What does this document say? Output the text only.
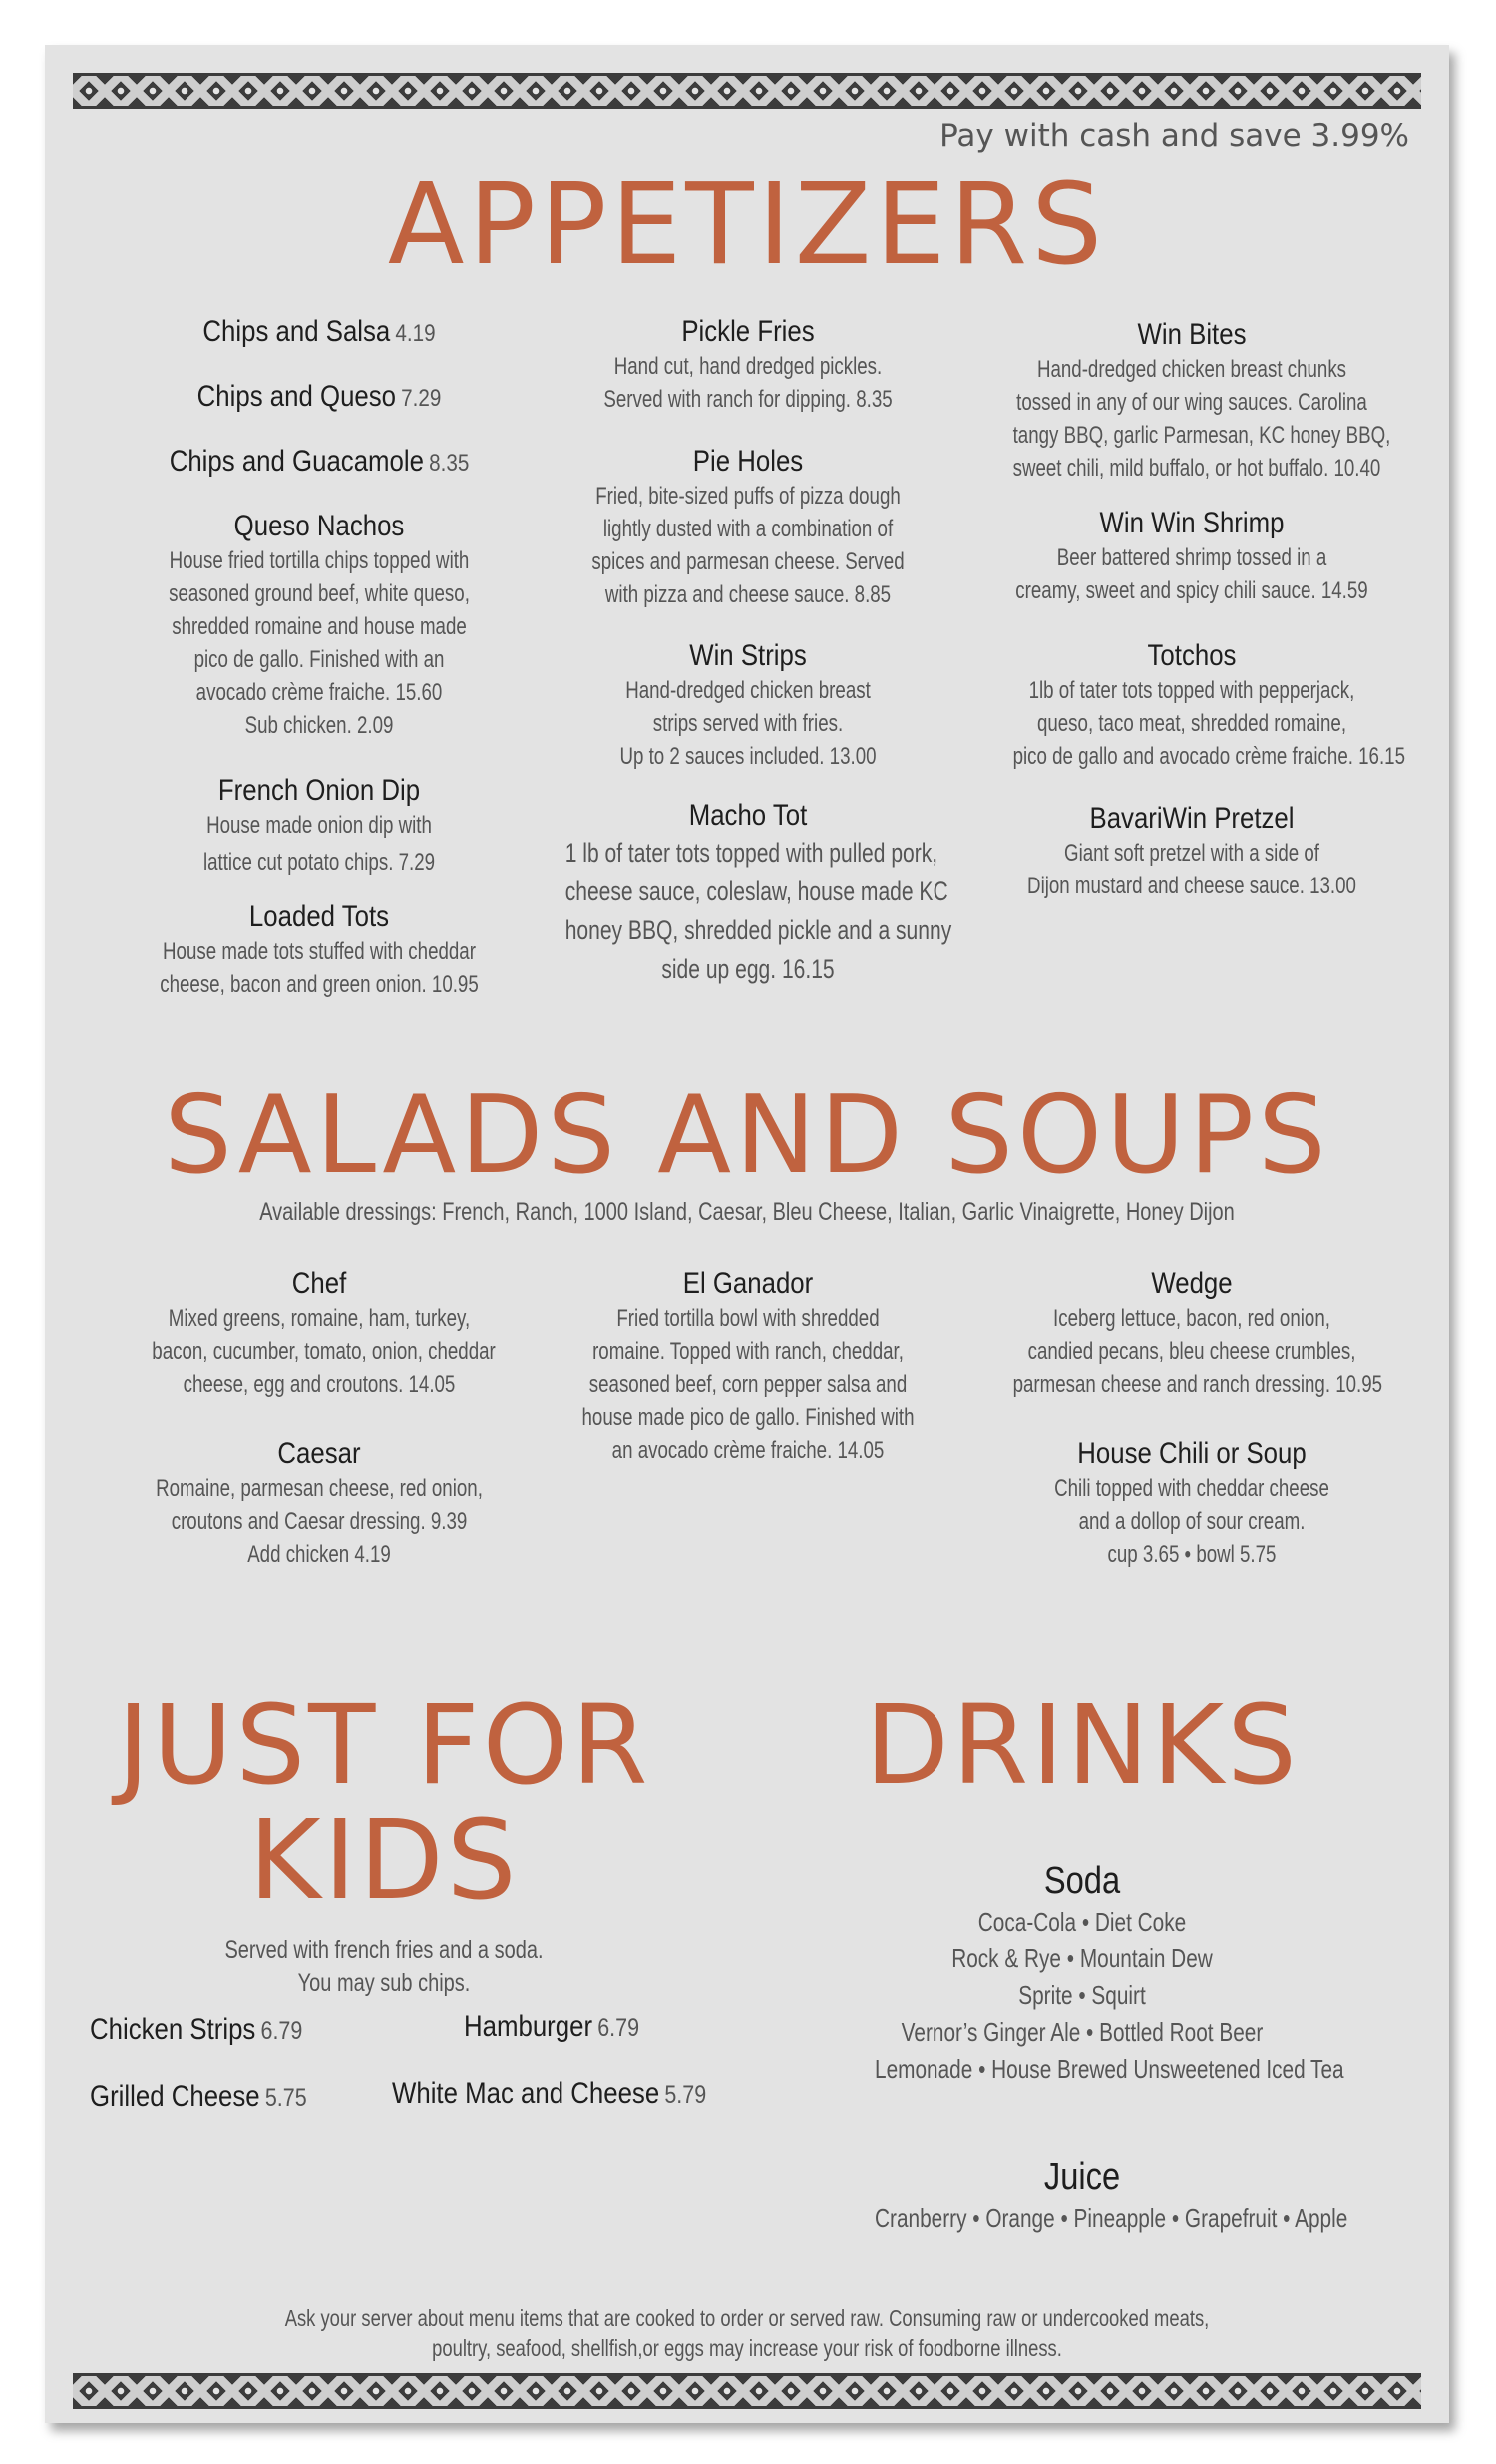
Pay with cash and save 3.99%
APPETIZERS
Chips and Salsa 4.19
Chips and Queso 7.29
Chips and Guacamole 8.35
Queso Nachos
House fried tortilla chips topped with
seasoned ground beef, white queso,
shredded romaine and house made
pico de gallo. Finished with an
avocado crème fraiche. 15.60
Sub chicken. 2.09
French Onion Dip
House made onion dip with
lattice cut potato chips. 7.29
Loaded Tots
House made tots stuffed with cheddar
cheese, bacon and green onion. 10.95
Pickle Fries
Hand cut, hand dredged pickles.
Served with ranch for dipping. 8.35
Pie Holes
Fried, bite-sized puffs of pizza dough
lightly dusted with a combination of
spices and parmesan cheese. Served
with pizza and cheese sauce. 8.85
Win Strips
Hand-dredged chicken breast
strips served with fries.
Up to 2 sauces included. 13.00
Macho Tot
1 lb of tater tots topped with pulled pork,
cheese sauce, coleslaw, house made KC
honey BBQ, shredded pickle and a sunny
side up egg. 16.15
Win Bites
Hand-dredged chicken breast chunks
tossed in any of our wing sauces. Carolina
tangy BBQ, garlic Parmesan, KC honey BBQ,
sweet chili, mild buffalo, or hot buffalo. 10.40
Win Win Shrimp
Beer battered shrimp tossed in a
creamy, sweet and spicy chili sauce. 14.59
Totchos
1lb of tater tots topped with pepperjack,
queso, taco meat, shredded romaine,
pico de gallo and avocado crème fraiche. 16.15
BavariWin Pretzel
Giant soft pretzel with a side of
Dijon mustard and cheese sauce. 13.00
SALADS AND SOUPS
Available dressings: French, Ranch, 1000 Island, Caesar, Bleu Cheese, Italian, Garlic Vinaigrette, Honey Dijon
Chef
Mixed greens, romaine, ham, turkey,
bacon, cucumber, tomato, onion, cheddar
cheese, egg and croutons. 14.05
Caesar
Romaine, parmesan cheese, red onion,
croutons and Caesar dressing. 9.39
Add chicken 4.19
El Ganador
Fried tortilla bowl with shredded
romaine. Topped with ranch, cheddar,
seasoned beef, corn pepper salsa and
house made pico de gallo. Finished with
an avocado crème fraiche. 14.05
Wedge
Iceberg lettuce, bacon, red onion,
candied pecans, bleu cheese crumbles,
parmesan cheese and ranch dressing. 10.95
House Chili or Soup
Chili topped with cheddar cheese
and a dollop of sour cream.
cup 3.65 • bowl 5.75
JUST FOR
KIDS
Served with french fries and a soda.
You may sub chips.
Chicken Strips 6.79	Hamburger 6.79
Grilled Cheese 5.75	White Mac and Cheese 5.79
DRINKS
Soda
Coca-Cola • Diet Coke
Rock & Rye • Mountain Dew
Sprite • Squirt
Vernor’s Ginger Ale • Bottled Root Beer
Lemonade • House Brewed Unsweetened Iced Tea
Juice
Cranberry • Orange • Pineapple • Grapefruit • Apple
Ask your server about menu items that are cooked to order or served raw. Consuming raw or undercooked meats,
poultry, seafood, shellfish,or eggs may increase your risk of foodborne illness.
